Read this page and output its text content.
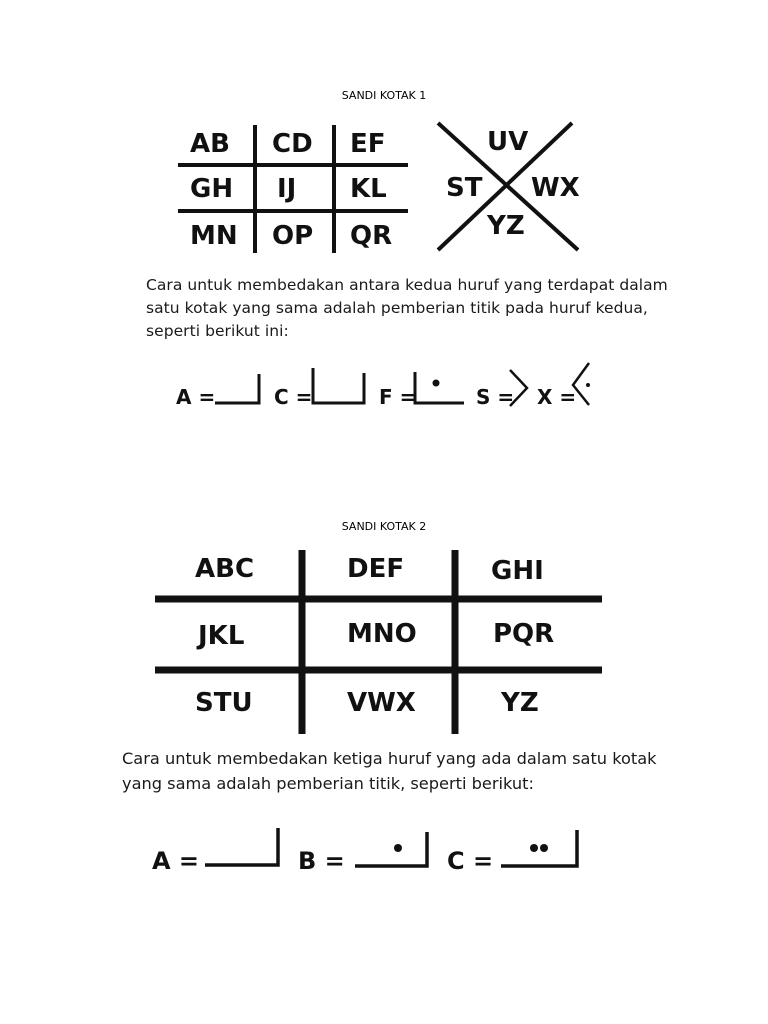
SANDI KOTAK 1
AB CD EF
GH IJ KL
MN OP QR
UV
ST WX
YZ
Cara untuk membedakan antara kedua huruf yang terdapat dalam
satu kotak yang sama adalah pemberian titik pada huruf kedua,
seperti berikut ini:
A =	C =	F =	S = X =
SANDI KOTAK 2
ABC	DEF	GHI
JKL	MNO	PQR
STU	VWX	YZ
Cara untuk membedakan ketiga huruf yang ada dalam satu kotak
yang sama adalah pemberian titik, seperti berikut:
A =	B =	C =
